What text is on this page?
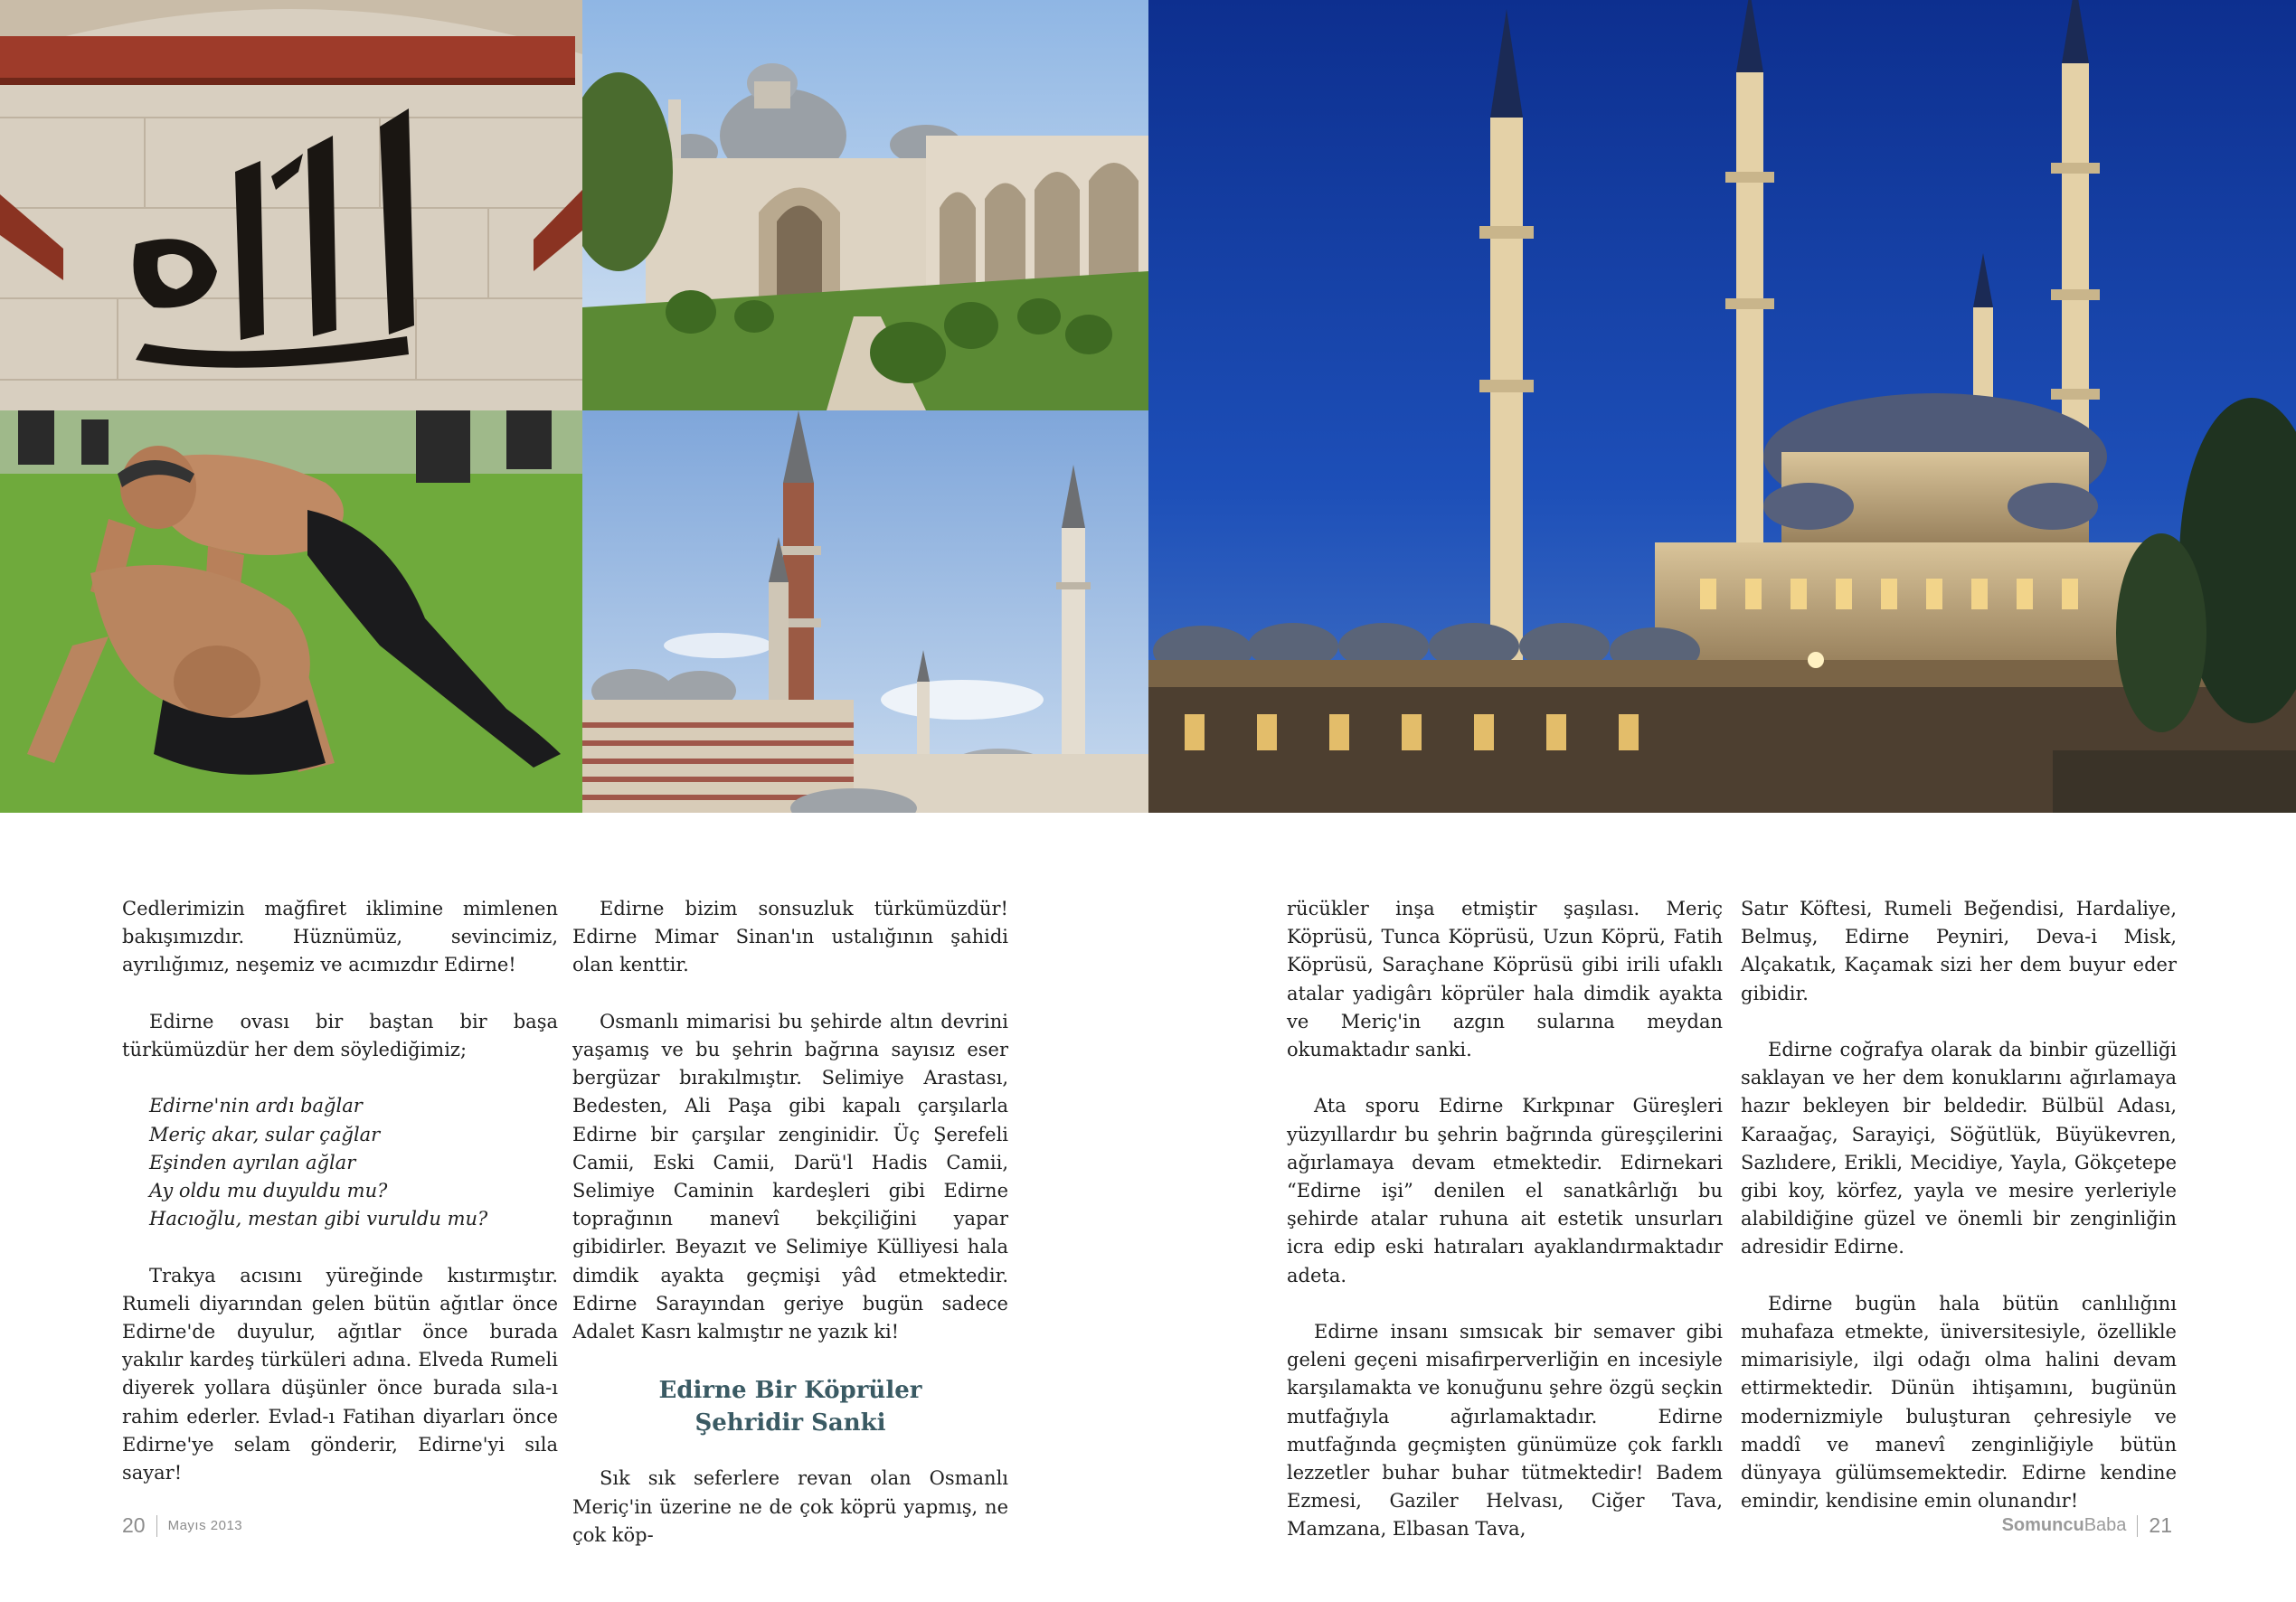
Cedlerimizin mağfiret iklimine mimlenen bakışımızdır. Hüznümüz, sevincimiz, ayrılığımız, neşemiz ve acımızdır Edirne!

Edirne ovası bir baştan bir başa türkümüzdür her dem söylediğimiz;

Edirne'nin ardı bağlar
Meriç akar, sular çağlar
Eşinden ayrılan ağlar
Ay oldu mu duyuldu mu?
Hacıoğlu, mestan gibi vuruldu mu?

Trakya acısını yüreğinde kıstırmıştır. Rumeli diyarından gelen bütün ağıtlar önce Edirne'de duyulur, ağıtlar önce burada yakılır kardeş türküleri adına. Elveda Rumeli diyerek yollara düşünler önce burada sıla-ı rahim ederler. Evlad-ı Fatihan diyarları önce Edirne'ye selam gönderir, Edirne'yi sıla sayar!

Edirne bizim sonsuzluk türkümüzdür! Edirne Mimar Sinan'ın ustalığının şahidi olan kenttir.

Osmanlı mimarisi bu şehirde altın devrini yaşamış ve bu şehrin bağrına sayısız eser bergüzar bırakılmıştır. Selimiye Arastası, Bedesten, Ali Paşa gibi kapalı çarşılarla Edirne bir çarşılar zenginidir. Üç Şerefeli Camii, Eski Camii, Darü'l Hadis Camii, Selimiye Caminin kardeşleri gibi Edirne toprağının manevî bekçiliğini yapar gibidirler. Beyazıt ve Selimiye Külliyesi hala dimdik ayakta geçmişi yâd etmektedir. Edirne Sarayından geriye bugün sadece Adalet Kasrı kalmıştır ne yazık ki!

Edirne Bir Köprüler
Şehridir Sanki

Sık sık seferlere revan olan Osmanlı Meriç'in üzerine ne de çok köprü yapmış, ne çok köp-

rücükler inşa etmiştir şaşılası. Meriç Köprüsü, Tunca Köprüsü, Uzun Köprü, Fatih Köprüsü, Saraçhane Köprüsü gibi irili ufaklı atalar yadigârı köprüler hala dimdik ayakta ve Meriç'in azgın sularına meydan okumaktadır sanki.

Ata sporu Edirne Kırkpınar Güreşleri yüzyıllardır bu şehrin bağrında güreşçilerini ağırlamaya devam etmektedir. Edirnekari “Edirne işi” denilen el sanatkârlığı bu şehirde atalar ruhuna ait estetik unsurları icra edip eski hatıraları ayaklandırmaktadır adeta.

Edirne insanı sımsıcak bir semaver gibi geleni geçeni misafirperverliğin en incesiyle karşılamakta ve konuğunu şehre özgü seçkin mutfağıyla ağırlamaktadır. Edirne mutfağında geçmişten günümüze çok farklı lezzetler buhar buhar tütmektedir! Badem Ezmesi, Gaziler Helvası, Ciğer Tava, Mamzana, Elbasan Tava,

Satır Köftesi, Rumeli Beğendisi, Hardaliye, Belmuş, Edirne Peyniri, Deva-i Misk, Alçakatık, Kaçamak sizi her dem buyur eder gibidir.

Edirne coğrafya olarak da binbir güzelliği saklayan ve her dem konuklarını ağırlamaya hazır bekleyen bir beldedir. Bülbül Adası, Karaağaç, Sarayiçi, Söğütlük, Büyükevren, Sazlıdere, Erikli, Mecidiye, Yayla, Gökçetepe gibi koy, körfez, yayla ve mesire yerleriyle alabildiğine güzel ve önemli bir zenginliğin adresidir Edirne.

Edirne bugün hala bütün canlılığını muhafaza etmekte, üniversitesiyle, özellikle mimarisiyle, ilgi odağı olma halini devam ettirmektedir. Dünün ihtişamını, bugünün modernizmiyle buluşturan çehresiyle ve maddî ve manevî zenginliğiyle bütün dünyaya gülümsemektedir. Edirne kendine emindir, kendisine emin olunandır!

20 Mayıs 2013	SomuncuBaba 21
